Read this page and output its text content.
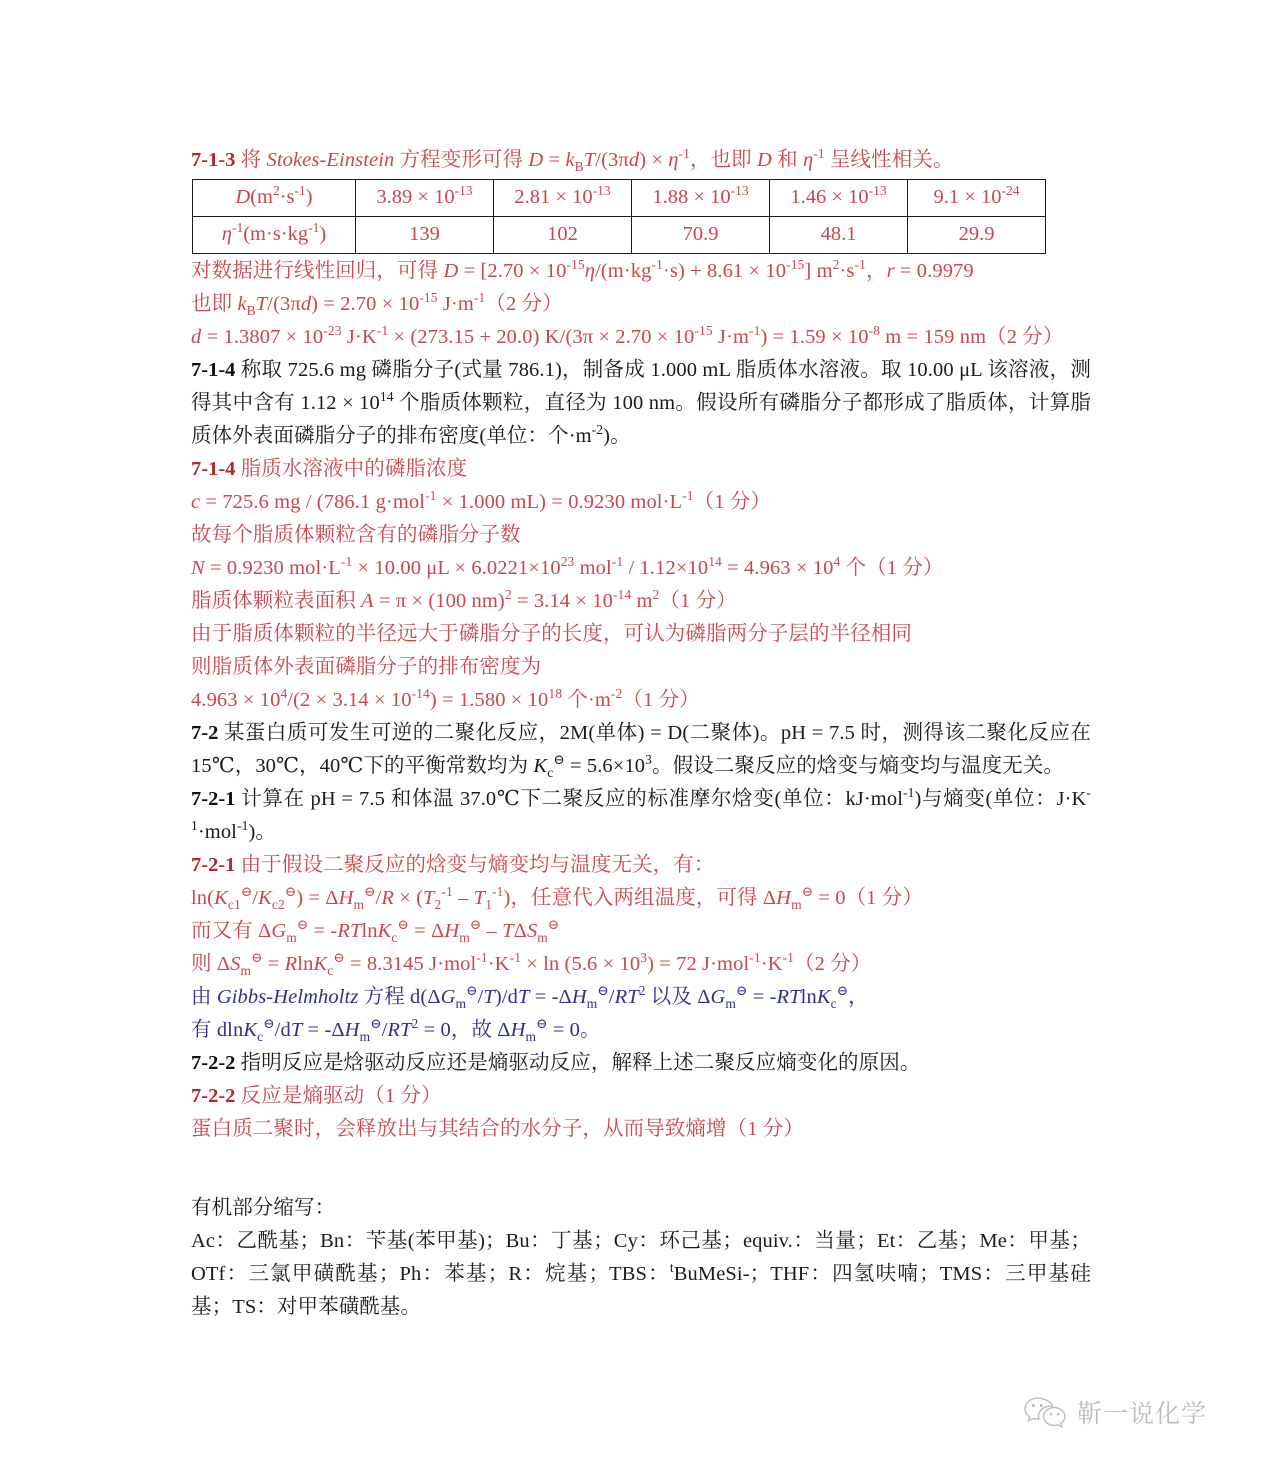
7-1-3 将 Stokes-Einstein 方程变形可得 $D = k_BT/(3\pi d) \times \eta^{-1}$，也即 D 和 $\eta^{-1}$ 呈线性相关。

$D(m^2\cdot s^{-1})$	$3.89 \times 10^{-13}$	$2.81 \times 10^{-13}$	$1.88 \times 10^{-13}$	$1.46 \times 10^{-13}$	$9.1 \times 10^{-24}$
$\eta^{-1}(m\cdot s\cdot kg^{-1})$	139	102	70.9	48.1	29.9

对数据进行线性回归，可得 $D = [2.70 \times 10^{-15}\eta/(m\cdot kg^{-1}\cdot s) + 8.61 \times 10^{-15}]$ $m^2\cdot s^{-1}$，r = 0.9979

也即 $k_BT/(3\pi d) = 2.70 \times 10^{-15}$ $J\cdot m^{-1}(2$ 分）

$d = 1.3807 \times 10^{-23}$ $J\cdot K^{-1} \times (273.15 + 20.0) K/(3\pi \times 2.70 \times 10^{-15}$ $J\cdot m^{-1}) = 1.59 \times 10^{-8}$ m = 159 nm（2 分）

7-1-4 称取 725.6 mg 磷脂分子(式量 786.1)，制备成 1.000 mL 脂质体水溶液。取 10.00 μL 该溶液，测得其中含有 $1.12 \times 10^{14}$ 个脂质体颗粒，直径为 100 nm。假设所有磷脂分子都形成了脂质体，计算脂质体外表面磷脂分子的排布密度(单位：个$\cdot m^{-2}$)。

7-1-4 脂质水溶液中的磷脂浓度

c = 725.6 mg / (786.1 g·mol$^{-1}$ × 1.000 mL) = 0.9230 $mol\cdot L^{-1}(1$ 分）

故每个脂质体颗粒含有的磷脂分子数

N = 0.9230 $mol\cdot L^{-1} \times 10.00$ $\mu L \times 6.0221\times 10^{23}$ $mol^{-1} / 1.12\times 10^{14} = 4.963 \times 10^4$ 个（1 分）

脂质体颗粒表面积 A = π × (100 $nm)^2 = 3.14 \times 10^{-14}$ $m^2(1$ 分）

由于脂质体颗粒的半径远大于磷脂分子的长度，可认为磷脂两分子层的半径相同

则脂质体外表面磷脂分子的排布密度为

$4.963 \times 10^4/(2 \times 3.14 \times 10^{-14}) = 1.580 \times 10^{18}$ 个$\cdot m^{-2}(1$ 分）

7-2 某蛋白质可发生可逆的二聚化反应，2M(单体) = D(二聚体)。pH = 7.5 时，测得该二聚化反应在 15℃，30℃，40℃下的平衡常数均为 $K_c^⊖ = 5.6\times 10^3$。假设二聚反应的焓变与熵变均与温度无关。

7-2-1 计算在 pH = 7.5 和体温 37.0℃下二聚反应的标准摩尔焓变(单位：kJ·mol$^{-1}$)与熵变(单位：$J\cdot K^{-1}\cdot mol^{-1}$)。

7-2-1 由于假设二聚反应的焓变与熵变均与温度无关，有：

$\ln(K_{c1}^⊖/K_{c2}^⊖) = \Delta H_m^⊖/R \times (T_2^{-1} - T_1^{-1})$，任意代入两组温度，可得 $\Delta H_m^⊖ = 0(1$ 分）

而又有 $\Delta G_m^⊖ = -RTlnK_c^⊖ = \Delta H_m^⊖ - T\Delta S_m^⊖$

则 $\Delta S_m^⊖ = RlnK_c^⊖ = 8.3145$ $J\cdot mol^{-1}\cdot K^{-1} \times \ln (5.6 \times 10^3) = 72$ $J\cdot mol^{-1}\cdot K^{-1}(2$ 分）

由 Gibbs-Helmholtz 方程 $d(\Delta G_m^⊖/T)/dT = -\Delta H_m^⊖/RT^2$ 以及 $\Delta G_m^⊖ = -RTlnK_c^⊖$，

有 $dlnK_c^⊖/dT = -\Delta H_m^⊖/RT^2 = 0$，故 $\Delta H_m^⊖ = 0$。

7-2-2 指明反应是焓驱动反应还是熵驱动反应，解释上述二聚反应熵变化的原因。

7-2-2 反应是熵驱动（1 分）

蛋白质二聚时，会释放出与其结合的水分子，从而导致熵增（1 分）

有机部分缩写：

Ac：乙酰基；Bn：苄基(苯甲基)；Bu：丁基；Cy：环己基；equiv.：当量；Et：乙基；Me：甲基；OTf：三氯甲磺酰基；Ph：苯基；R：烷基；TBS：$^t$BuMeSi-；THF：四氢呋喃；TMS：三甲基硅基；TS：对甲苯磺酰基。

靳一说化学
